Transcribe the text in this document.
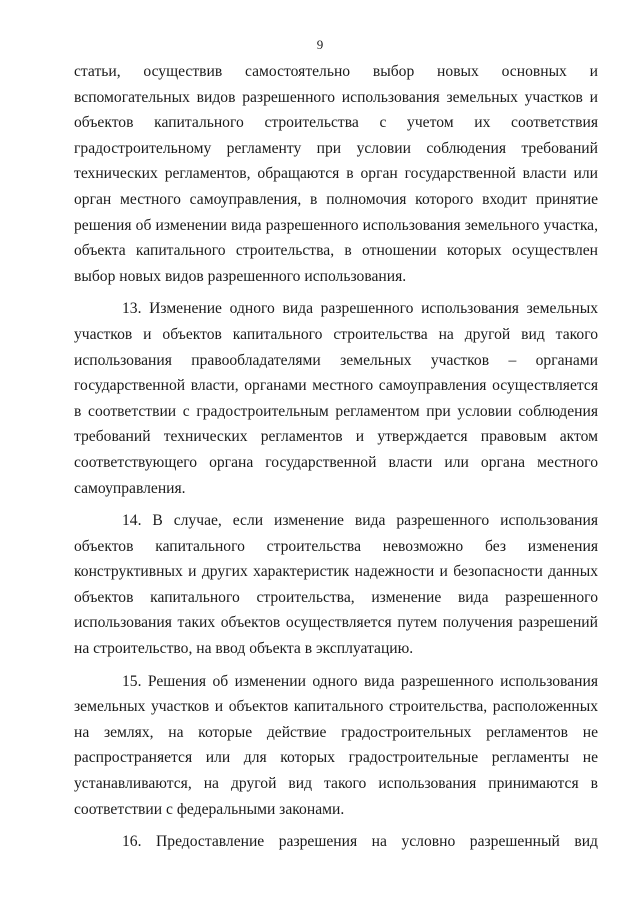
9

статьи, осуществив самостоятельно выбор новых основных и вспомогательных видов разрешенного использования земельных участков и объектов капитального строительства с учетом их соответствия градостроительному регламенту при условии соблюдения требований технических регламентов, обращаются в орган государственной власти или орган местного самоуправления, в полномочия которого входит принятие решения об изменении вида разрешенного использования земельного участка, объекта капитального строительства, в отношении которых осуществлен выбор новых видов разрешенного использования.

13. Изменение одного вида разрешенного использования земельных участков и объектов капитального строительства на другой вид такого использования правообладателями земельных участков – органами государственной власти, органами местного самоуправления осуществляется в соответствии с градостроительным регламентом при условии соблюдения требований технических регламентов и утверждается правовым актом соответствующего органа государственной власти или органа местного самоуправления.

14. В случае, если изменение вида разрешенного использования объектов капитального строительства невозможно без изменения конструктивных и других характеристик надежности и безопасности данных объектов капитального строительства, изменение вида разрешенного использования таких объектов осуществляется путем получения разрешений на строительство, на ввод объекта в эксплуатацию.

15. Решения об изменении одного вида разрешенного использования земельных участков и объектов капитального строительства, расположенных на землях, на которые действие градостроительных регламентов не распространяется или для которых градостроительные регламенты не устанавливаются, на другой вид такого использования принимаются в соответствии с федеральными законами.

16. Предоставление разрешения на условно разрешенный вид
